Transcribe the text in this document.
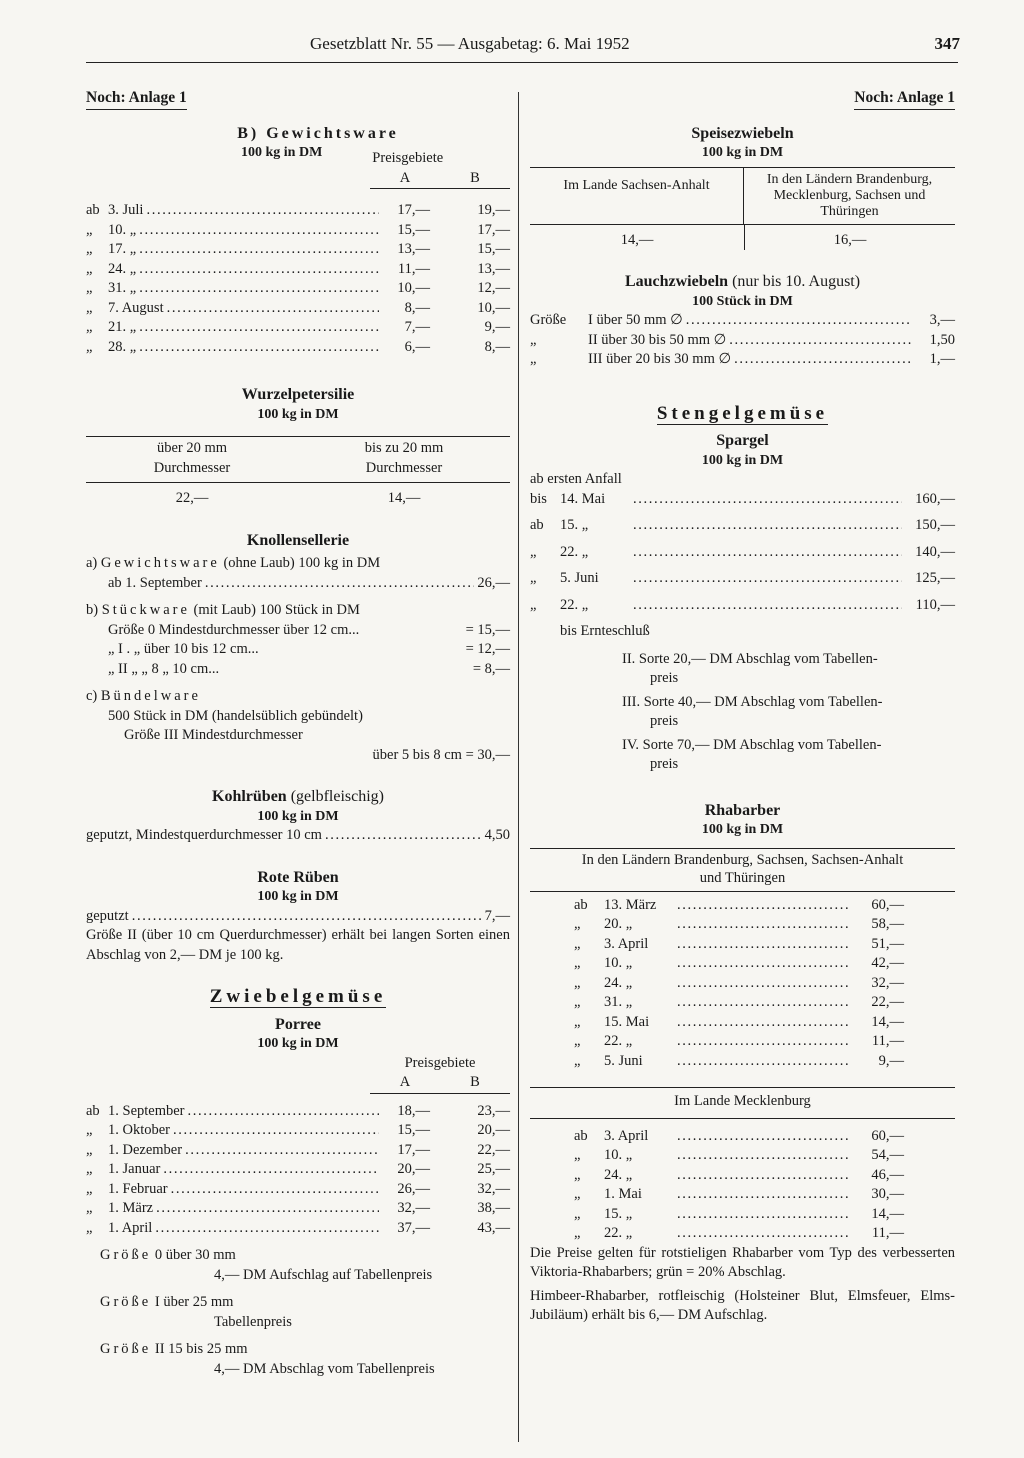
Gesetzblatt Nr. 55 — Ausgabetag: 6. Mai 1952	347
Noch: Anlage 1
B) Gewichtsware
100 kg in DM	Preisgebiete
A	B
ab 3. Juli . . .	17,—	19,—
„	10. „ . . .	15,—	17,—
„	17. „ . . .	13,—	15,—
„	24. „ . . .	11,—	13,—
„	31. „ . . .	10,—	12,—
„	7. August . . .	8,—	10,—
„	21. „ . . .	7,—	9,—
„	28. „ . . .	6,—	8,—
Wurzelpetersilie
100 kg in DM
über 20 mm
Durchmesser
bis zu 20 mm
Durchmesser
22,—	14,—
Knollensellerie
a) Gewichtsware (ohne Laub) 100 kg in DM
ab 1. September . . .	26,—
b) Stückware (mit Laub) 100 Stück in DM
Größe 0 Mindestdurchmesser über 12 cm...	= 15,—
„ I . „ über 10 bis 12 cm...	= 12,—
„ II „ „ 8 „ 10 cm...	= 8,—
c) Bündelware
500 Stück in DM (handelsüblich gebündelt)
Größe III Mindestdurchmesser
über 5 bis 8 cm = 30,—
Kohlrüben (gelbfleischig)
100 kg in DM
geputzt, Mindestquerdurchmesser 10 cm . . .	4,50
Rote Rüben
100 kg in DM
geputzt . . .	7,—
Größe II (über 10 cm Querdurchmesser) erhält bei langen Sorten einen Abschlag von 2,— DM je 100 kg.
Zwiebelgemüse
Porree
100 kg in DM
Preisgebiete
A	B
ab 1. September . . .	18,—	23,—
„	1. Oktober . . .	15,—	20,—
„	1. Dezember . . .	17,—	22,—
„	1. Januar . . .	20,—	25,—
„	1. Februar . . .	26,—	32,—
„	1. März . . .	32,—	38,—
„	1. April . . .	37,—	43,—
Größe 0 über 30 mm
4,— DM Aufschlag auf Tabellenpreis
Größe I über 25 mm
Tabellenpreis
Größe II 15 bis 25 mm
4,— DM Abschlag vom Tabellenpreis
Noch: Anlage 1
Speisezwiebeln
100 kg in DM
Im Lande Sachsen-Anhalt	In den Ländern Brandenburg, Mecklenburg, Sachsen und Thüringen
14,—	16,—
Lauchzwiebeln (nur bis 10. August)
100 Stück in DM
Größe	I über 50 mm ∅ . . .	3,—
„	II über 30 bis 50 mm ∅ . . .	1,50
„	III über 20 bis 30 mm ∅ . . .	1,—
Stengelgemüse
Spargel
100 kg in DM
ab ersten Anfall
bis 14. Mai . . .	160,—
ab	15. „ . . .	150,—
„	22. „ . . .	140,—
„	5. Juni . . .	125,—
„	22. „ . . .	110,—
bis Ernteschluß
II. Sorte 20,— DM Abschlag vom Tabellen-
preis
III. Sorte 40,— DM Abschlag vom Tabellen-
preis
IV. Sorte 70,— DM Abschlag vom Tabellen-
preis
Rhabarber
100 kg in DM
In den Ländern Brandenburg, Sachsen, Sachsen-Anhalt und Thüringen
ab	13. März . . .	60,—
„	20. „ . . .	58,—
„	3. April . . .	51,—
„	10. „ . . .	42,—
„	24. „ . . .	32,—
„	31. „ . . .	22,—
„	15. Mai . . .	14,—
„	22. „ . . .	11,—
„	5. Juni . . .	9,—
Im Lande Mecklenburg
ab	3. April . . .	60,—
„	10. „ . . .	54,—
„	24. „ . . .	46,—
„	1. Mai . . .	30,—
„	15. „ . . .	14,—
„	22. „ . . .	11,—
Die Preise gelten für rotstieligen Rhabarber vom Typ des verbesserten Viktoria-Rhabarbers; grün = 20% Abschlag.
Himbeer-Rhabarber, rotfleischig (Holsteiner Blut, Elmsfeuer, Elms-Jubiläum) erhält bis 6,— DM Aufschlag.
